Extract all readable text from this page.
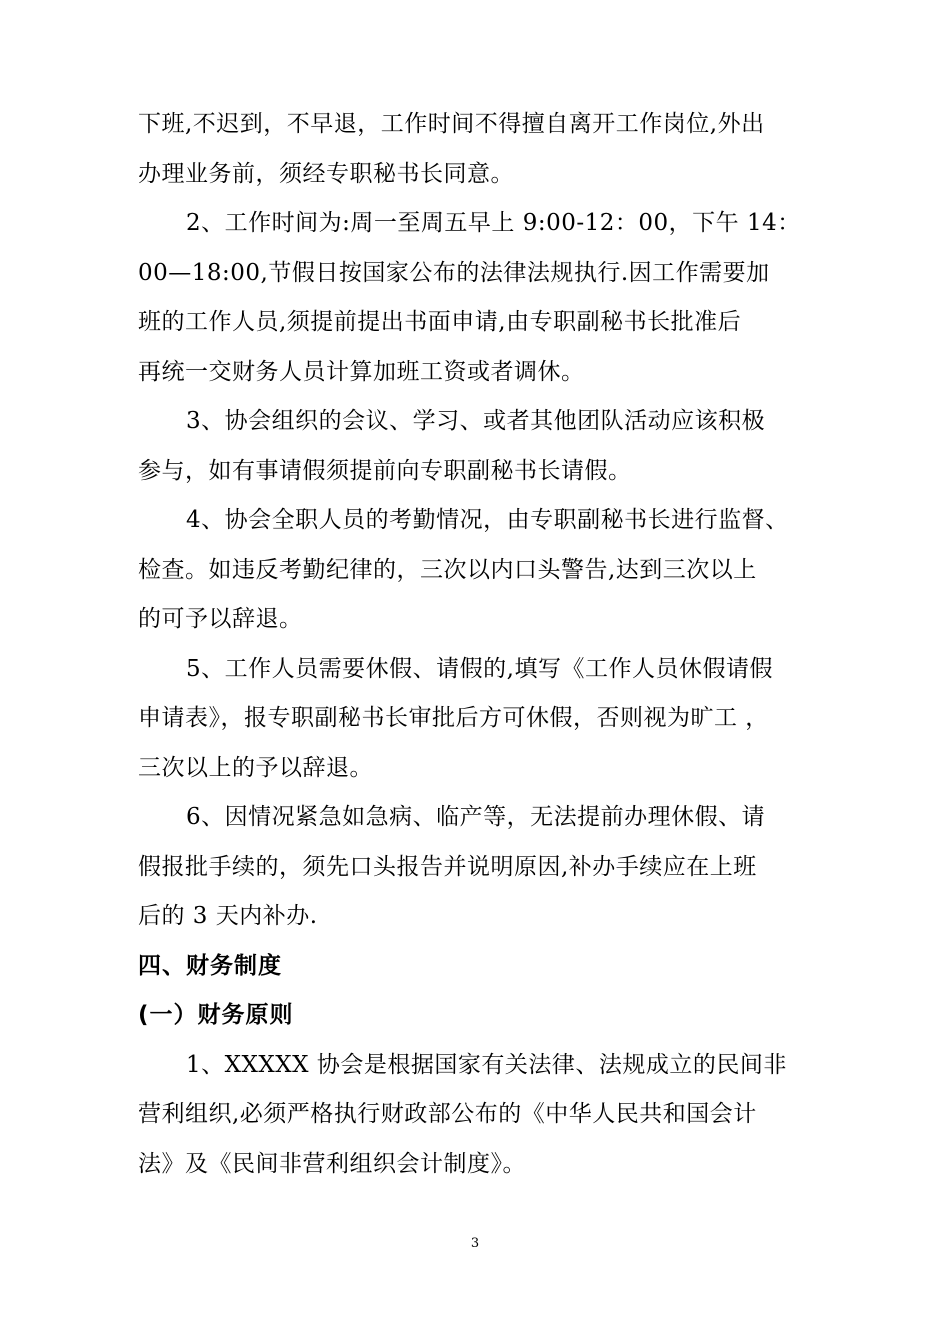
下班,不迟到，不早退，工作时间不得擅自离开工作岗位,外出
办理业务前，须经专职秘书长同意。
2、工作时间为:周一至周五早上 9:00-12：00，下午 14：
00—18:00,节假日按国家公布的法律法规执行.因工作需要加
班的工作人员,须提前提出书面申请,由专职副秘书长批准后
再统一交财务人员计算加班工资或者调休。
3、协会组织的会议、学习、或者其他团队活动应该积极
参与，如有事请假须提前向专职副秘书长请假。
4、协会全职人员的考勤情况，由专职副秘书长进行监督、
检查。如违反考勤纪律的，三次以内口头警告,达到三次以上
的可予以辞退。
5、工作人员需要休假、请假的,填写《工作人员休假请假
申请表》，报专职副秘书长审批后方可休假，否则视为旷工 ，
三次以上的予以辞退。
6、因情况紧急如急病、临产等，无法提前办理休假、请
假报批手续的，须先口头报告并说明原因,补办手续应在上班
后的 3 天内补办.
四、财务制度
(一）财务原则
1、XXXXX 协会是根据国家有关法律、法规成立的民间非
营利组织,必须严格执行财政部公布的《中华人民共和国会计
法》及《民间非营利组织会计制度》。
3
